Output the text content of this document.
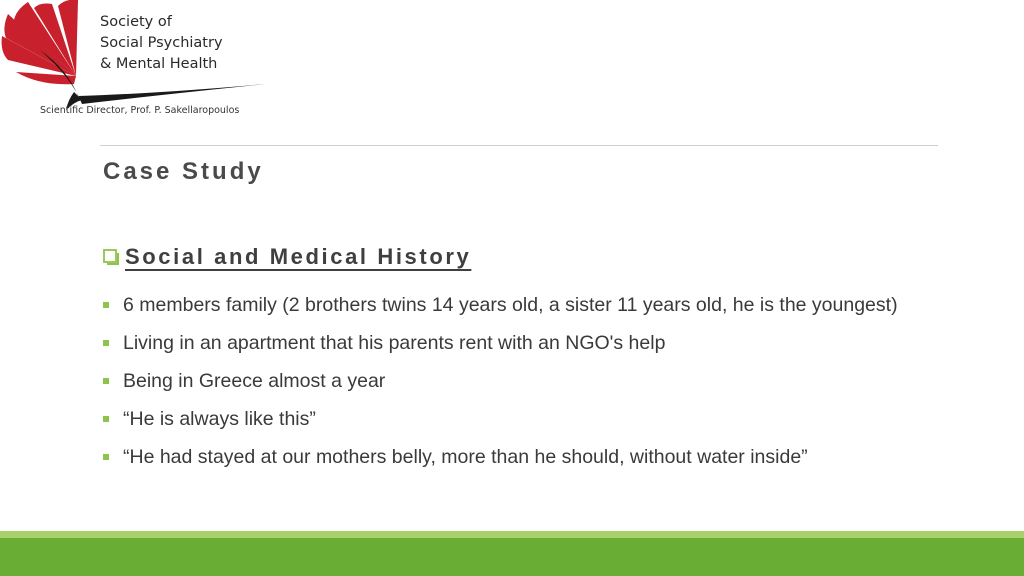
Society of
Social Psychiatry
& Mental Health
Scientific Director, Prof. P. Sakellaropoulos
Case Study
Social and Medical History
6 members family (2 brothers twins 14 years old, a sister 11 years old, he is the youngest)
Living in an apartment that his parents rent with an NGO's help
Being in Greece almost a year
“He is always like this”
“He had stayed at our mothers belly, more than he should, without water inside”
